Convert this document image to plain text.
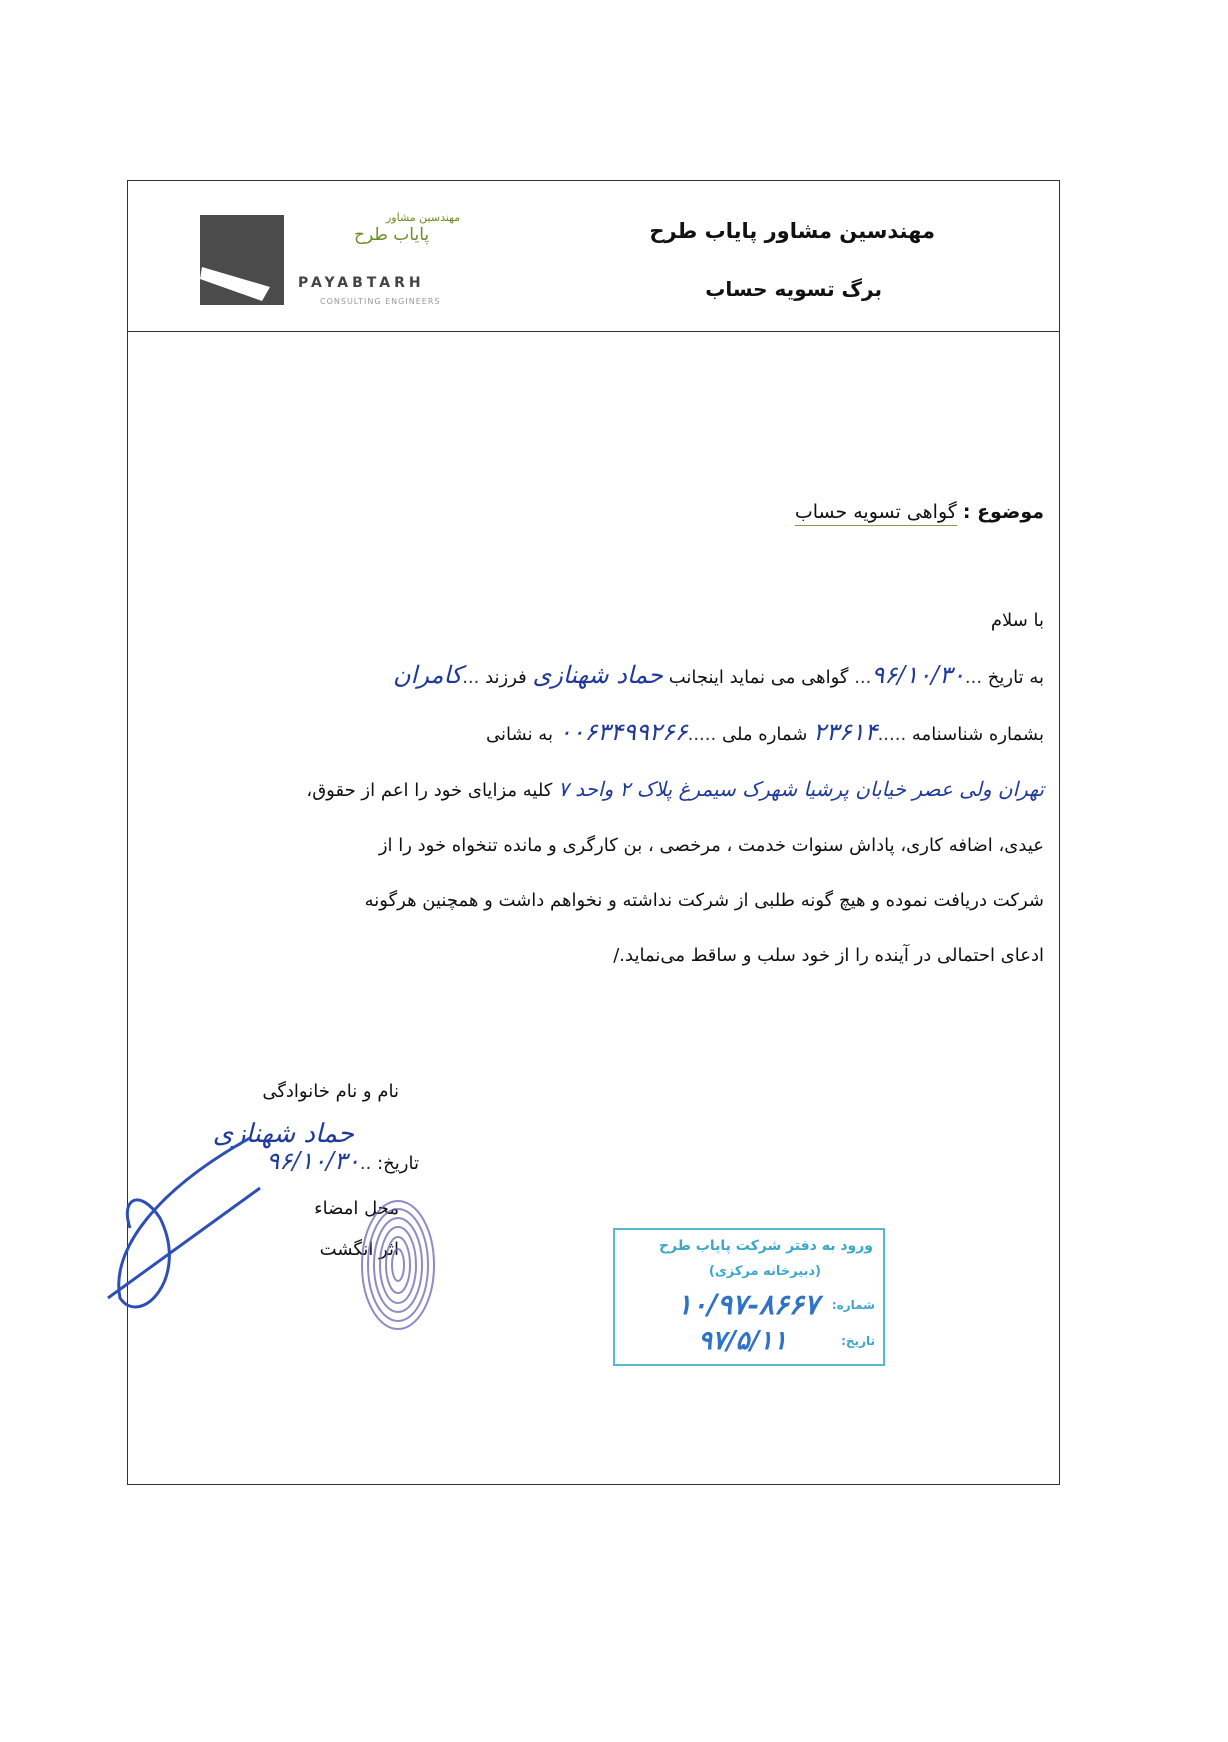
مهندسین مشاور پایاب طرح
برگ تسویه حساب
مهندسین مشاور
پایاب طرح
PAYABTARH
CONSULTING ENGINEERS
موضوع : گواهی تسویه حساب
با سلام
به تاریخ ...۹۶/۱۰/۳۰... گواهی می نماید اینجانب حماد شهنازی فرزند ...کامران
بشماره شناسنامه .....۲۳۶۱۴ شماره ملی .....۰۰۶۳۴۹۹۲۶۶ به نشانی
تهران ولی عصر خیابان پرشیا شهرک سیمرغ پلاک ۲ واحد ۷ کلیه مزایای خود را اعم از حقوق،
عیدی، اضافه کاری، پاداش سنوات خدمت ، مرخصی ، بن کارگری و مانده تنخواه خود را از
شرکت دریافت نموده و هیچ گونه طلبی از شرکت نداشته و نخواهم داشت و همچنین هرگونه
ادعای احتمالی در آینده را از خود سلب و ساقط می‌نماید./
نام و نام خانوادگی
حماد شهنازی
تاریخ: ..۹۶/۱۰/۳۰
محل امضاء
اثر انگشت	ورود به دفتر شرکت پایاب طرح
(دبیرخانه مرکزی)
شماره:
۱۰/۹۷-۸۶۶۷
تاریخ:
۹۷/۵/۱۱
